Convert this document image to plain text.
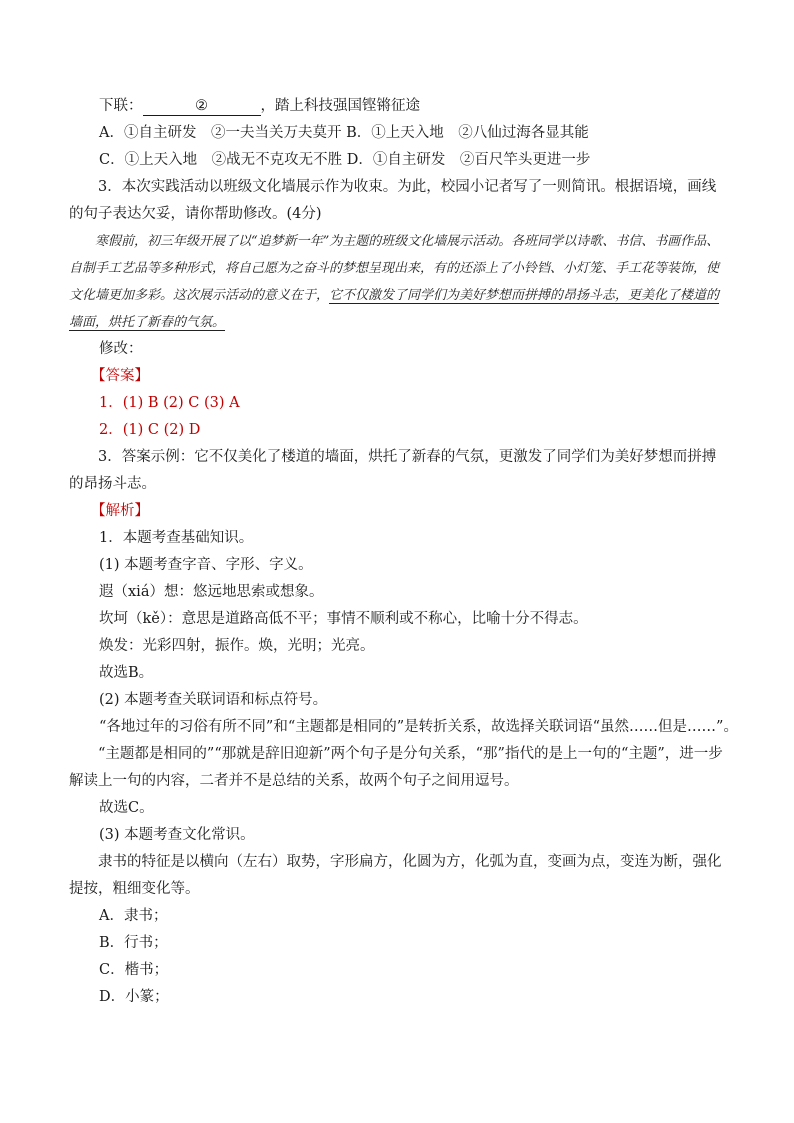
下联：	②	，踏上科技强国铿锵征途
A．①自主研发　②一夫当关万夫莫开 B．①上天入地　②八仙过海各显其能
C．①上天入地　②战无不克攻无不胜 D．①自主研发　②百尺竿头更进一步
3．本次实践活动以班级文化墙展示作为收束。为此，校园小记者写了一则简讯。根据语境，画线的句子表达欠妥，请你帮助修改。(4分)
寒假前，初三年级开展了以“追梦新一年”为主题的班级文化墙展示活动。各班同学以诗歌、书信、书画作品、自制手工艺品等多种形式，将自己愿为之奋斗的梦想呈现出来，有的还添上了小铃铛、小灯笼、手工花等装饰，使文化墙更加多彩。这次展示活动的意义在于，它不仅激发了同学们为美好梦想而拼搏的昂扬斗志，更美化了楼道的墙面，烘托了新春的气氛。
修改：
【答案】
1．(1) B (2) C (3) A
2．(1) C (2) D
3．答案示例：它不仅美化了楼道的墙面，烘托了新春的气氛，更激发了同学们为美好梦想而拼搏的昂扬斗志。
【解析】
1．本题考查基础知识。
(1) 本题考查字音、字形、字义。
遐（xiá）想：悠远地思索或想象。
坎坷（kě）：意思是道路高低不平；事情不顺利或不称心，比喻十分不得志。
焕发：光彩四射，振作。焕，光明；光亮。
故选B。
(2) 本题考查关联词语和标点符号。
“各地过年的习俗有所不同”和“主题都是相同的”是转折关系，故选择关联词语“虽然……但是……”。
“主题都是相同的”“那就是辞旧迎新”两个句子是分句关系，“那”指代的是上一句的“主题”，进一步解读上一句的内容，二者并不是总结的关系，故两个句子之间用逗号。
故选C。
(3) 本题考查文化常识。
隶书的特征是以横向（左右）取势，字形扁方，化圆为方，化弧为直，变画为点，变连为断，强化提按，粗细变化等。
A．隶书；
B．行书；
C．楷书；
D．小篆；
